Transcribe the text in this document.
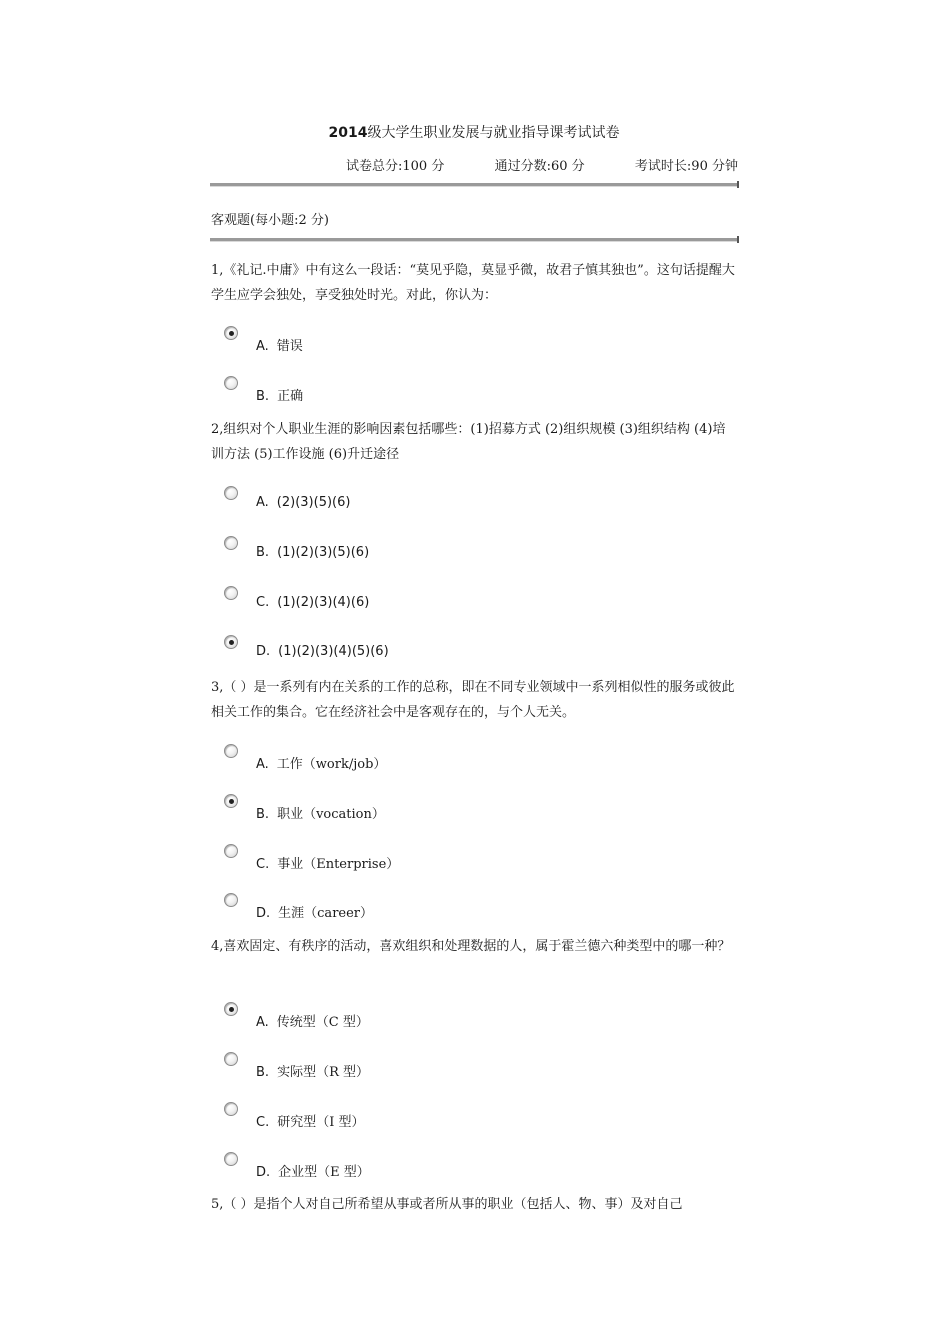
2014级大学生职业发展与就业指导课考试试卷
试卷总分:100 分	通过分数:60 分	考试时长:90 分钟
客观题(每小题:2 分)
1,《礼记.中庸》中有这么一段话：“莫见乎隐，莫显乎微，故君子慎其独也”。这句话提醒大学生应学会独处，享受独处时光。对此，你认为：
A. 错误
B. 正确
2,组织对个人职业生涯的影响因素包括哪些：(1)招募方式 (2)组织规模 (3)组织结构 (4)培训方法 (5)工作设施 (6)升迁途径
A. (2)(3)(5)(6)
B. (1)(2)(3)(5)(6)
C. (1)(2)(3)(4)(6)
D. (1)(2)(3)(4)(5)(6)
3,（ ）是一系列有内在关系的工作的总称，即在不同专业领域中一系列相似性的服务或彼此相关工作的集合。它在经济社会中是客观存在的，与个人无关。
A. 工作（work/job）
B. 职业（vocation）
C. 事业（Enterprise）
D. 生涯（career）
4,喜欢固定、有秩序的活动，喜欢组织和处理数据的人，属于霍兰德六种类型中的哪一种？
A. 传统型（C 型）
B. 实际型（R 型）
C. 研究型（I 型）
D. 企业型（E 型）
5,（ ）是指个人对自己所希望从事或者所从事的职业（包括人、物、事）及对自己
